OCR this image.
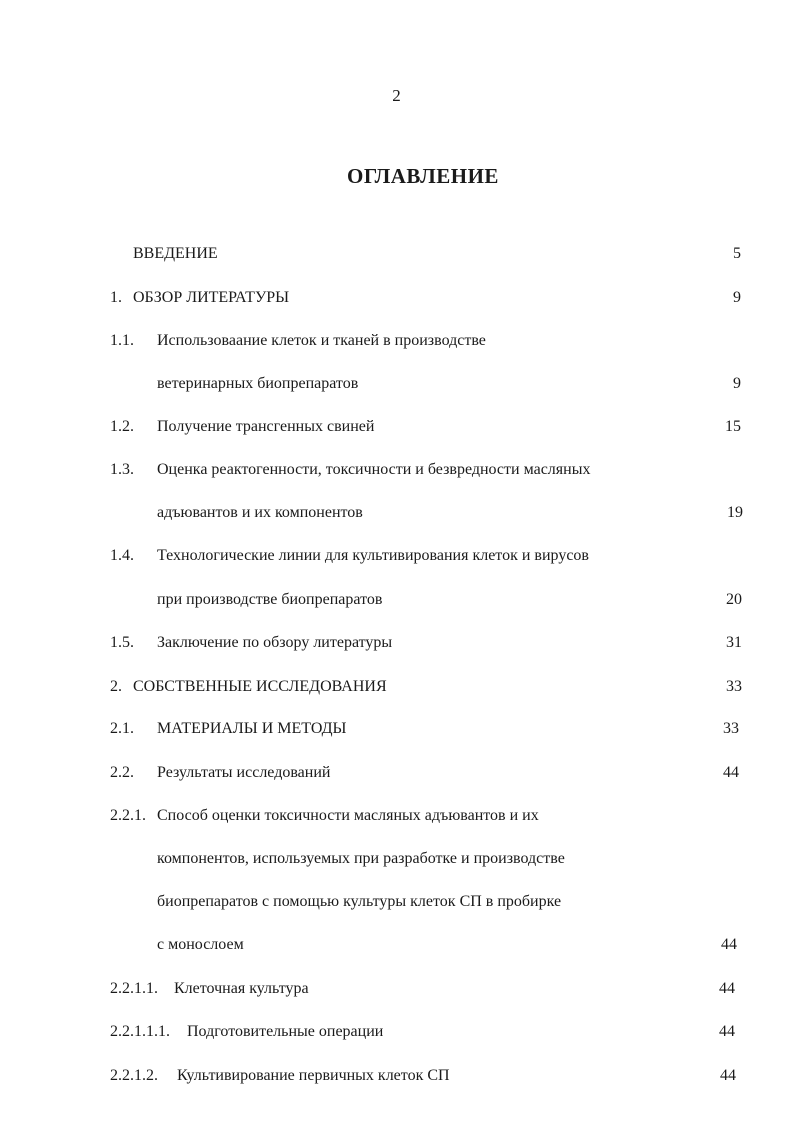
2
ОГЛАВЛЕНИЕ
ВВЕДЕНИЕ	5
1. ОБЗОР ЛИТЕРАТУРЫ	9
1.1. Использоваание клеток и тканей в производстве
ветеринарных биопрепаратов	9
1.2. Получение трансгенных свиней	15
1.3. Оценка реактогенности, токсичности и безвредности масляных
адъювантов и их компонентов	19
1.4. Технологические линии для культивирования клеток и вирусов
при производстве биопрепаратов	20
1.5. Заключение по обзору литературы	31
2. СОБСТВЕННЫЕ ИССЛЕДОВАНИЯ	33
2.1. МАТЕРИАЛЫ И МЕТОДЫ	33
2.2. Результаты исследований	44
2.2.1. Способ оценки токсичности масляных адъювантов и их
компонентов, используемых при разработке и производстве
биопрепаратов с помощью культуры клеток СП в пробирке
с монослоем	44
2.2.1.1. Клеточная культура	44
2.2.1.1.1. Подготовительные операции	44
2.2.1.2. Культивирование первичных клеток СП	44
